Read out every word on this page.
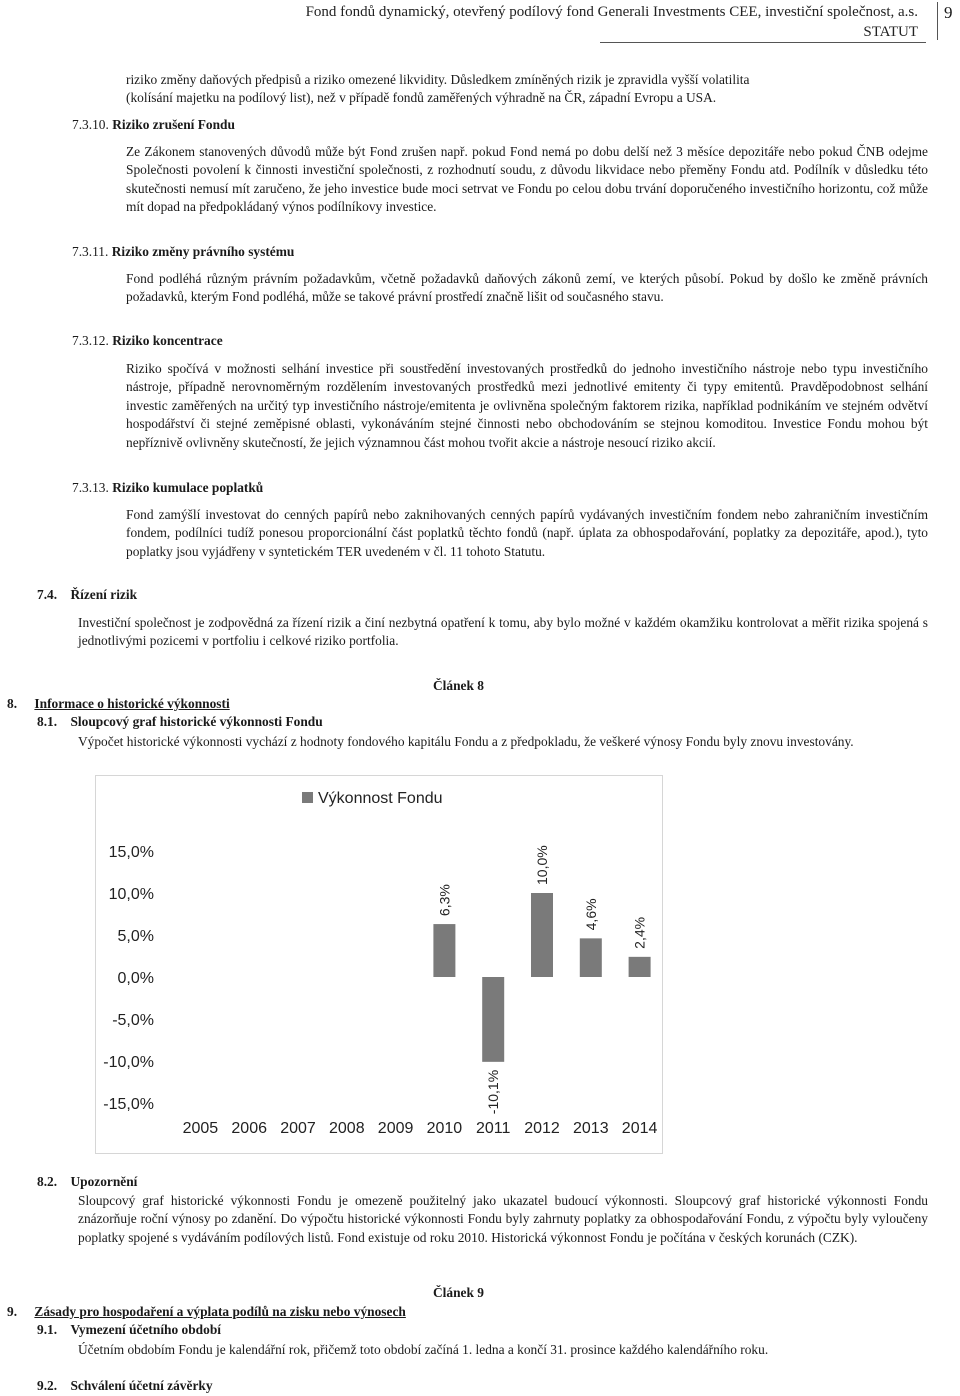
Fond fondů dynamický, otevřený podílový fond Generali Investments CEE, investiční společnost, a.s.
STATUT
9
riziko změny daňových předpisů a riziko omezené likvidity. Důsledkem zmíněných rizik je zpravidla vyšší volatilita
(kolísání majetku na podílový list), než v případě fondů zaměřených výhradně na ČR, západní Evropu a USA.
7.3.10. Riziko zrušení Fondu
Ze Zákonem stanovených důvodů může být Fond zrušen např. pokud Fond nemá po dobu delší než 3 měsíce depozitáře nebo pokud ČNB odejme Společnosti povolení k činnosti investiční společnosti, z rozhodnutí soudu, z důvodu likvidace nebo přeměny Fondu atd. Podílník v důsledku této skutečnosti nemusí mít zaručeno, že jeho investice bude moci setrvat ve Fondu po celou dobu trvání doporučeného investičního horizontu, což může mít dopad na předpokládaný výnos podílníkovy investice.
7.3.11. Riziko změny právního systému
Fond podléhá různým právním požadavkům, včetně požadavků daňových zákonů zemí, ve kterých působí. Pokud by došlo ke změně právních požadavků, kterým Fond podléhá, může se takové právní prostředí značně lišit od současného stavu.
7.3.12. Riziko koncentrace
Riziko spočívá v možnosti selhání investice při soustředění investovaných prostředků do jednoho investičního nástroje nebo typu investičního nástroje, případně nerovnoměrným rozdělením investovaných prostředků mezi jednotlivé emitenty či typy emitentů. Pravděpodobnost selhání investic zaměřených na určitý typ investičního nástroje/emitenta je ovlivněna společným faktorem rizika, například podnikáním ve stejném odvětví hospodářství či stejné zeměpisné oblasti, vykonáváním stejné činnosti nebo obchodováním se stejnou komoditou. Investice Fondu mohou být nepříznivě ovlivněny skutečností, že jejich významnou část mohou tvořit akcie a nástroje nesoucí riziko akcií.
7.3.13. Riziko kumulace poplatků
Fond zamýšlí investovat do cenných papírů nebo zaknihovaných cenných papírů vydávaných investičním fondem nebo zahraničním investičním fondem, podílníci tudíž ponesou proporcionální část poplatků těchto fondů (např. úplata za obhospodařování, poplatky za depozitáře, apod.), tyto poplatky jsou vyjádřeny v syntetickém TER uvedeném v čl. 11 tohoto Statutu.
7.4. Řízení rizik
Investiční společnost je zodpovědná za řízení rizik a činí nezbytná opatření k tomu, aby bylo možné v každém okamžiku kontrolovat a měřit rizika spojená s jednotlivými pozicemi v portfoliu i celkové riziko portfolia.
Článek 8
8. Informace o historické výkonnosti
8.1. Sloupcový graf historické výkonnosti Fondu
Výpočet historické výkonnosti vychází z hodnoty fondového kapitálu Fondu a z předpokladu, že veškeré výnosy Fondu byly znovu investovány.
Výkonnost Fondu
15,0%
10,0%
5,0%
0,0%
-5,0%
-10,0%
-15,0%
6,3%
-10,1%
10,0%
4,6%
2,4%
2005 2006 2007 2008 2009 2010 2011 2012 2013 2014
8.2. Upozornění
Sloupcový graf historické výkonnosti Fondu je omezeně použitelný jako ukazatel budoucí výkonnosti. Sloupcový graf historické výkonnosti Fondu znázorňuje roční výnosy po zdanění. Do výpočtu historické výkonnosti Fondu byly zahrnuty poplatky za obhospodařování Fondu, z výpočtu byly vyloučeny poplatky spojené s vydáváním podílových listů. Fond existuje od roku 2010. Historická výkonnost Fondu je počítána v českých korunách (CZK).
Článek 9
9. Zásady pro hospodaření a výplata podílů na zisku nebo výnosech
9.1. Vymezení účetního období
Účetním obdobím Fondu je kalendářní rok, přičemž toto období začíná 1. ledna a končí 31. prosince každého kalendářního roku.
9.2. Schválení účetní závěrky
